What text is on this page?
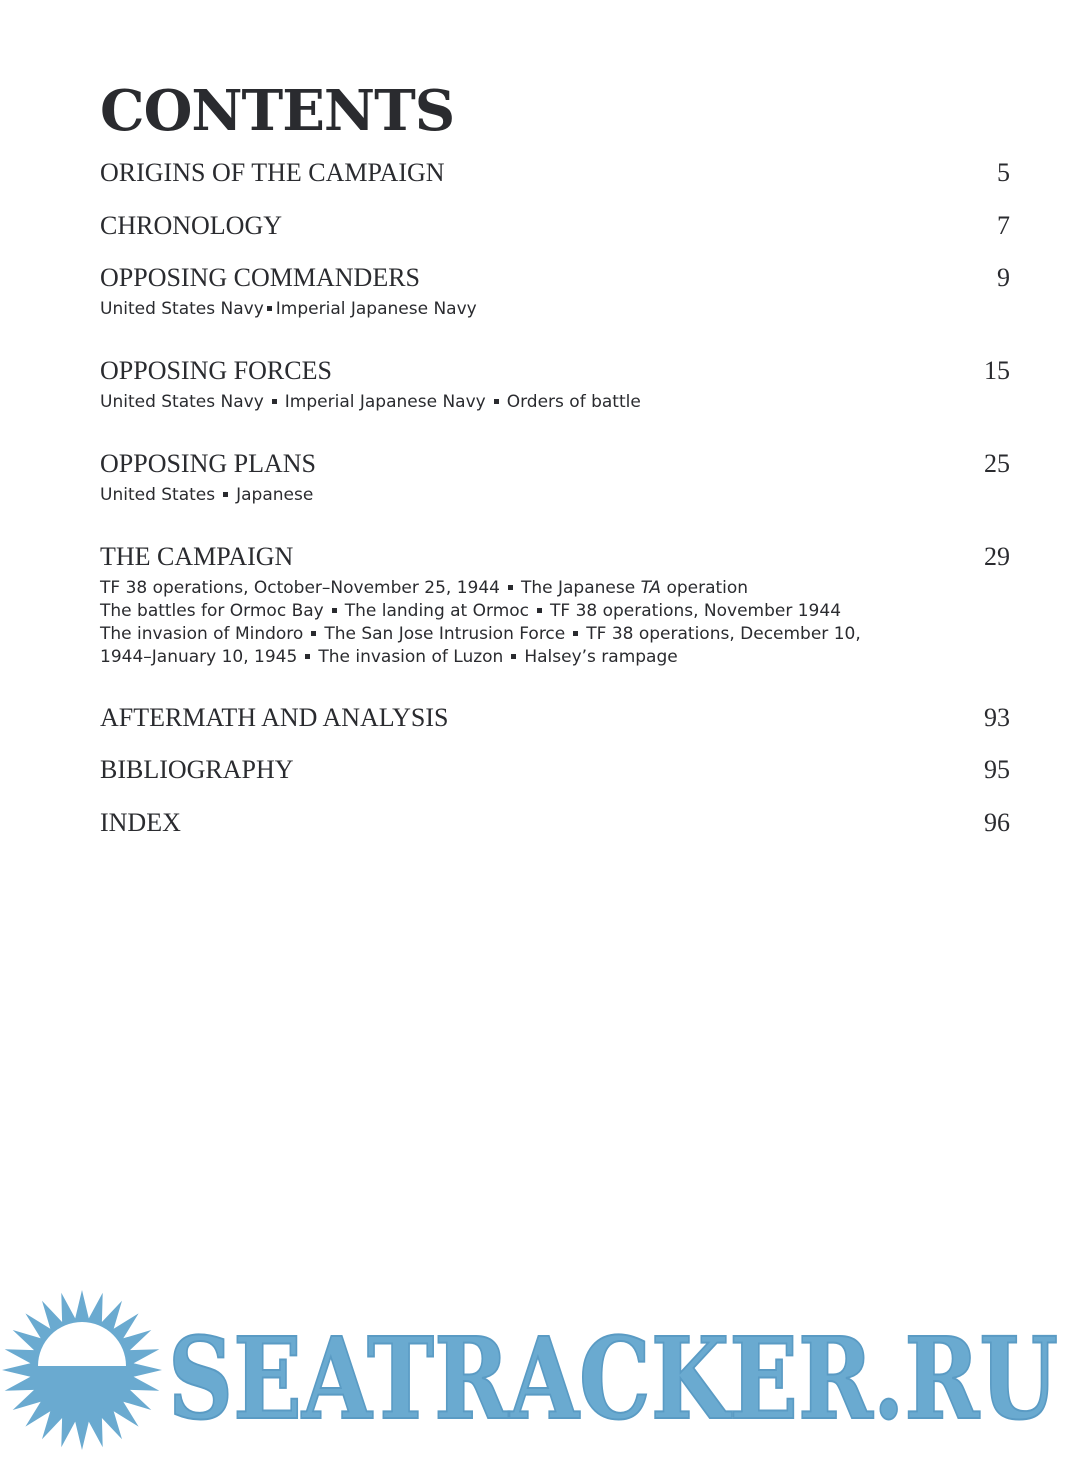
CONTENTS
ORIGINS OF THE CAMPAIGN	5
CHRONOLOGY	7
OPPOSING COMMANDERS	9
United States Navy Imperial Japanese Navy
OPPOSING FORCES	15
United States Navy Imperial Japanese Navy Orders of battle
OPPOSING PLANS	25
United States Japanese
THE CAMPAIGN	29
TF 38 operations, October–November 25, 1944 The Japanese TA operation
The battles for Ormoc Bay The landing at Ormoc TF 38 operations, November 1944
The invasion of Mindoro The San Jose Intrusion Force TF 38 operations, December 10,
1944–January 10, 1945 The invasion of Luzon Halsey’s rampage
AFTERMATH AND ANALYSIS	93
BIBLIOGRAPHY	95
INDEX	96
SEATRACKER.RU
